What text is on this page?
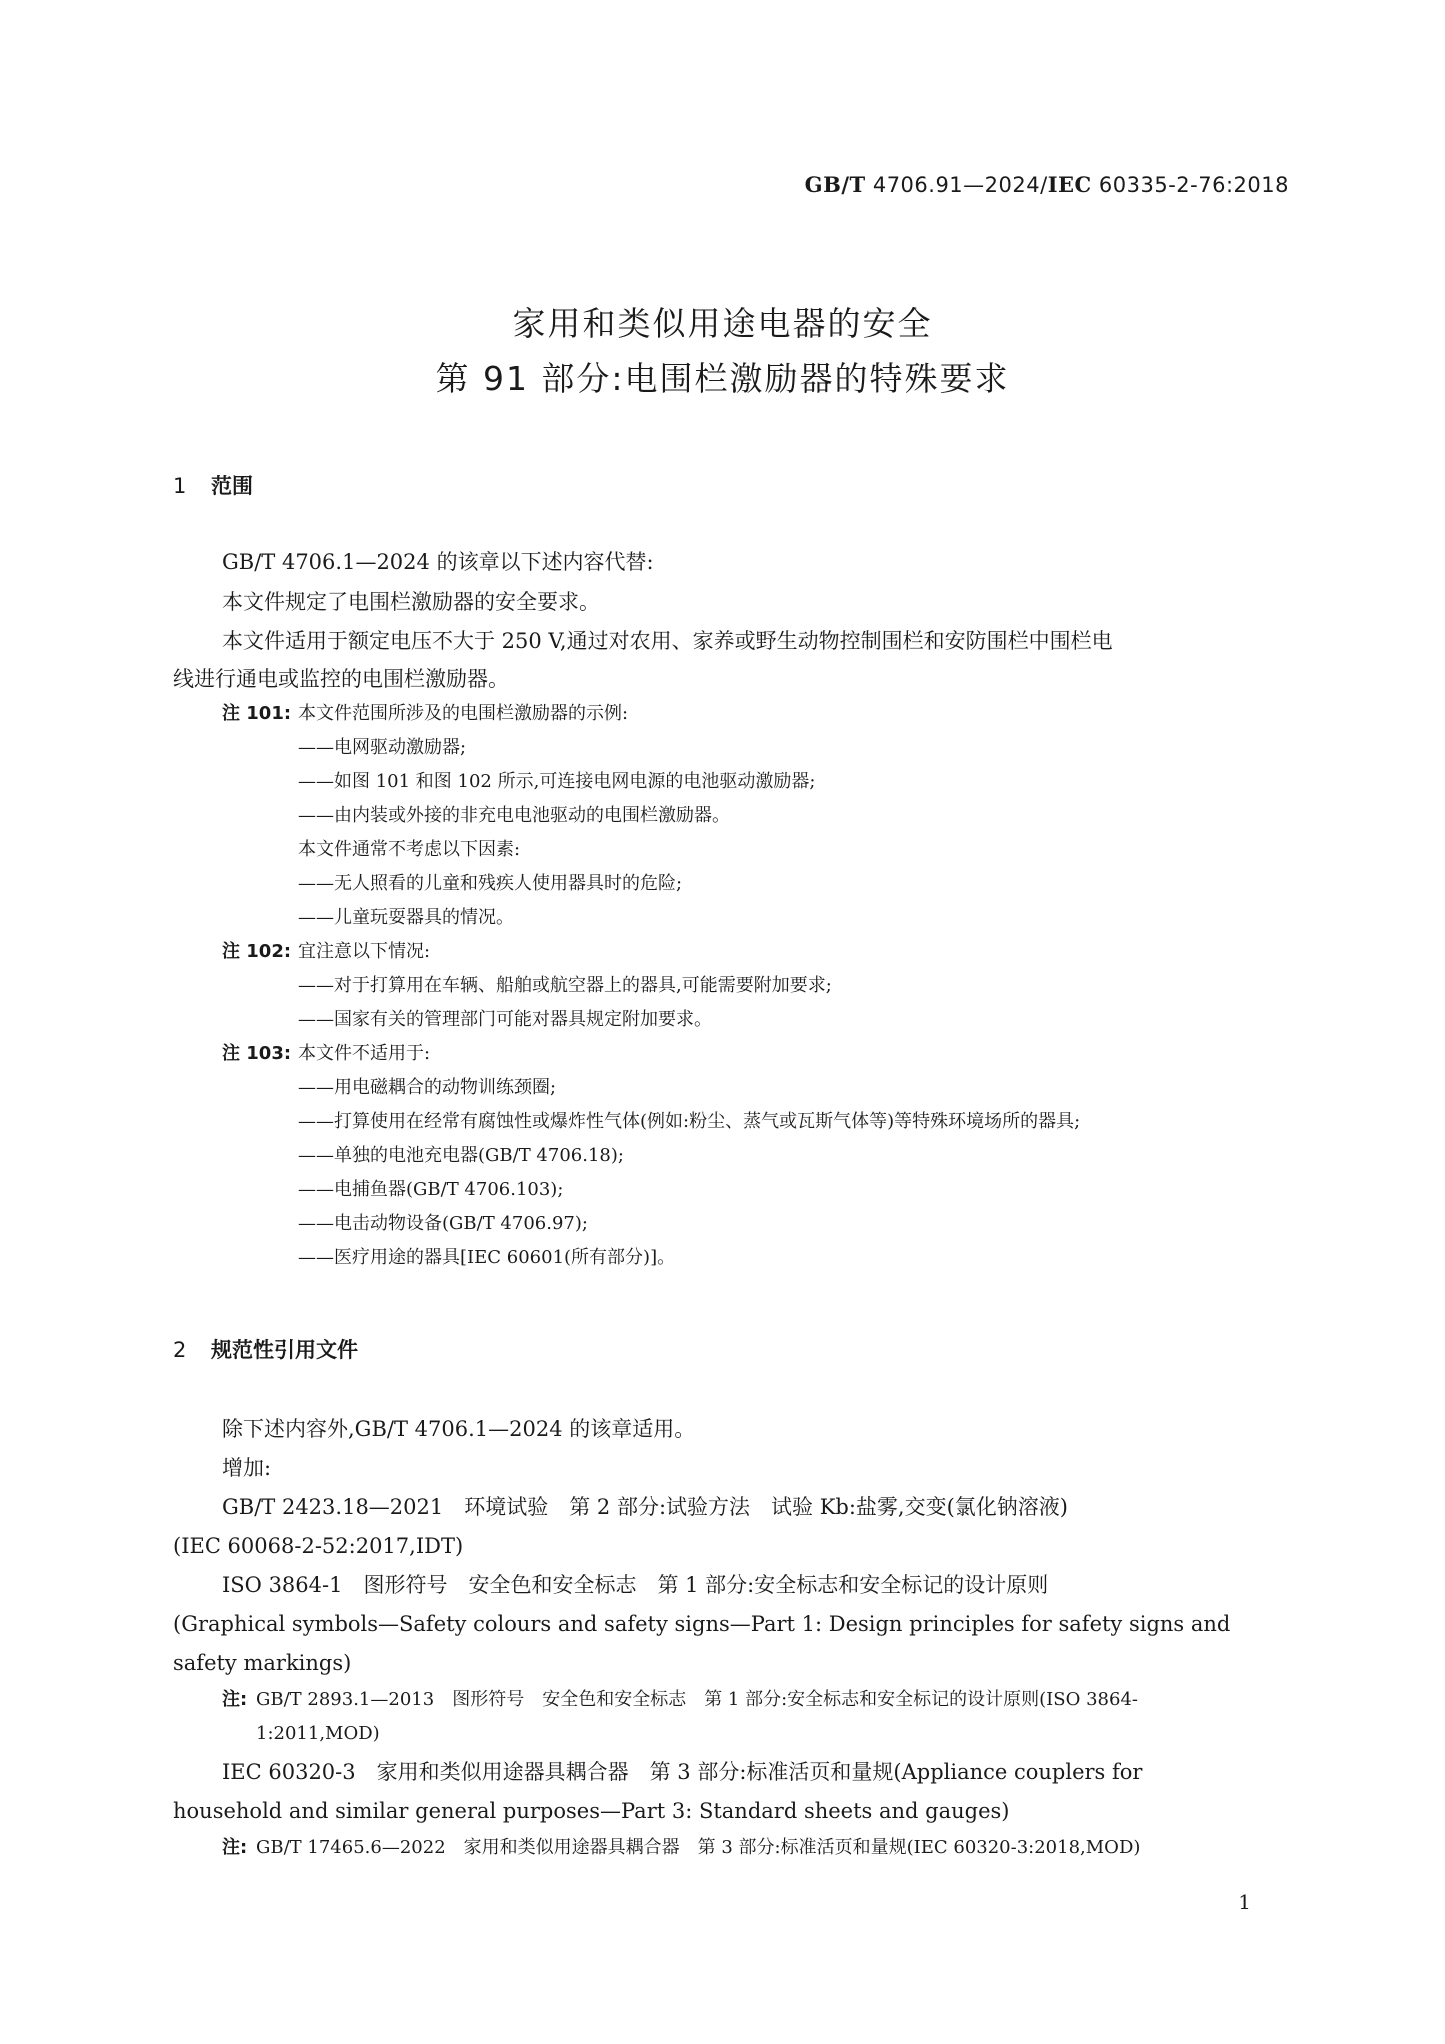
GB/T 4706.91—2024/IEC 60335-2-76:2018
家用和类似用途电器的安全
第 91 部分:电围栏激励器的特殊要求
1 范围
GB/T 4706.1—2024 的该章以下述内容代替:
本文件规定了电围栏激励器的安全要求。
本文件适用于额定电压不大于 250 V,通过对农用、家养或野生动物控制围栏和安防围栏中围栏电
线进行通电或监控的电围栏激励器。
注 101: 本文件范围所涉及的电围栏激励器的示例:
——电网驱动激励器;
——如图 101 和图 102 所示,可连接电网电源的电池驱动激励器;
——由内装或外接的非充电电池驱动的电围栏激励器。
本文件通常不考虑以下因素:
——无人照看的儿童和残疾人使用器具时的危险;
——儿童玩耍器具的情况。
注 102: 宜注意以下情况:
——对于打算用在车辆、船舶或航空器上的器具,可能需要附加要求;
——国家有关的管理部门可能对器具规定附加要求。
注 103: 本文件不适用于:
——用电磁耦合的动物训练颈圈;
——打算使用在经常有腐蚀性或爆炸性气体(例如:粉尘、蒸气或瓦斯气体等)等特殊环境场所的器具;
——单独的电池充电器(GB/T 4706.18);
——电捕鱼器(GB/T 4706.103);
——电击动物设备(GB/T 4706.97);
——医疗用途的器具[IEC 60601(所有部分)]。
2 规范性引用文件
除下述内容外,GB/T 4706.1—2024 的该章适用。
增加:
GB/T 2423.18—2021　环境试验　第 2 部分:试验方法　试验 Kb:盐雾,交变(氯化钠溶液)
(IEC 60068-2-52:2017,IDT)
ISO 3864-1　图形符号　安全色和安全标志　第 1 部分:安全标志和安全标记的设计原则
(Graphical symbols—Safety colours and safety signs—Part 1: Design principles for safety signs and
safety markings)
注: GB/T 2893.1—2013　图形符号　安全色和安全标志　第 1 部分:安全标志和安全标记的设计原则(ISO 3864-
1:2011,MOD)
IEC 60320-3　家用和类似用途器具耦合器　第 3 部分:标准活页和量规(Appliance couplers for
household and similar general purposes—Part 3: Standard sheets and gauges)
注: GB/T 17465.6—2022　家用和类似用途器具耦合器　第 3 部分:标准活页和量规(IEC 60320-3:2018,MOD)
1
